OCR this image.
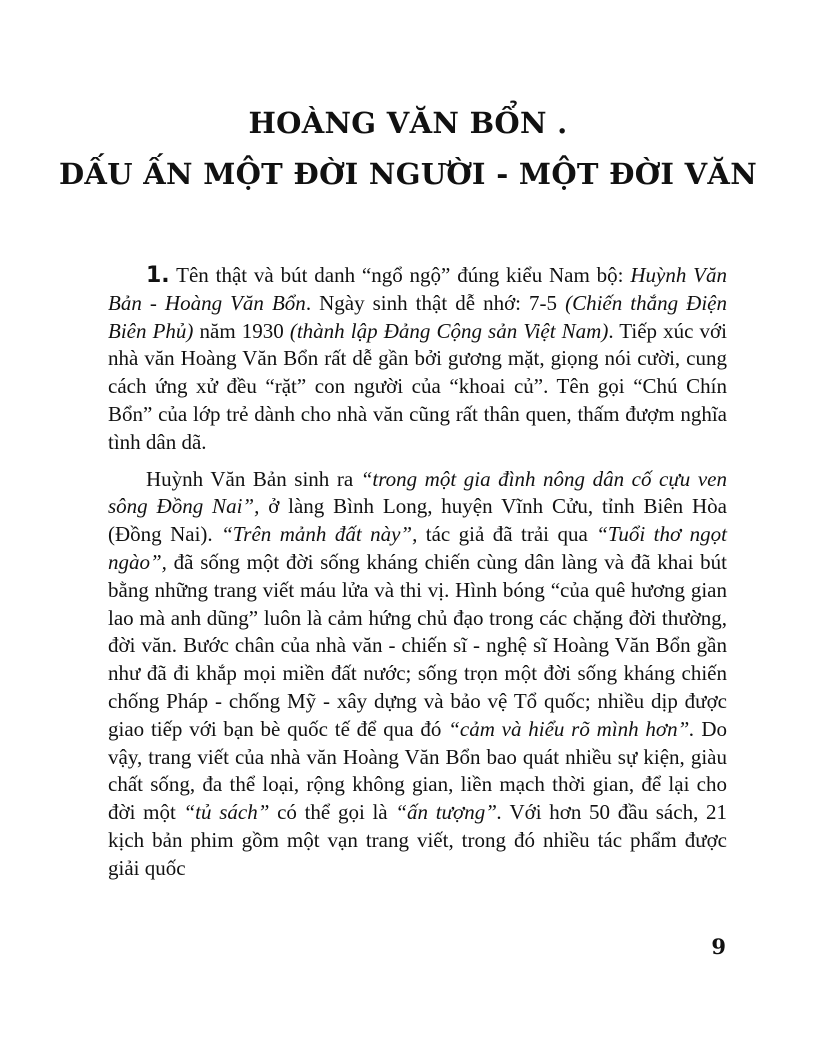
HOÀNG VĂN BỔN .
DẤU ẤN MỘT ĐỜI NGƯỜI - MỘT ĐỜI VĂN

1. Tên thật và bút danh “ngổ ngộ” đúng kiểu Nam bộ: Huỳnh Văn Bản - Hoàng Văn Bổn. Ngày sinh thật dễ nhớ: 7-5 (Chiến thắng Điện Biên Phủ) năm 1930 (thành lập Đảng Cộng sản Việt Nam). Tiếp xúc với nhà văn Hoàng Văn Bổn rất dễ gần bởi gương mặt, giọng nói cười, cung cách ứng xử đều “rặt” con người của “khoai củ”. Tên gọi “Chú Chín Bổn” của lớp trẻ dành cho nhà văn cũng rất thân quen, thấm đượm nghĩa tình dân dã.

Huỳnh Văn Bản sinh ra “trong một gia đình nông dân cố cựu ven sông Đồng Nai”, ở làng Bình Long, huyện Vĩnh Cửu, tỉnh Biên Hòa (Đồng Nai). “Trên mảnh đất này”, tác giả đã trải qua “Tuổi thơ ngọt ngào”, đã sống một đời sống kháng chiến cùng dân làng và đã khai bút bằng những trang viết máu lửa và thi vị. Hình bóng “của quê hương gian lao mà anh dũng” luôn là cảm hứng chủ đạo trong các chặng đời thường, đời văn. Bước chân của nhà văn - chiến sĩ - nghệ sĩ Hoàng Văn Bổn gần như đã đi khắp mọi miền đất nước; sống trọn một đời sống kháng chiến chống Pháp - chống Mỹ - xây dựng và bảo vệ Tổ quốc; nhiều dịp được giao tiếp với bạn bè quốc tế để qua đó “cảm và hiểu rõ mình hơn”. Do vậy, trang viết của nhà văn Hoàng Văn Bổn bao quát nhiều sự kiện, giàu chất sống, đa thể loại, rộng không gian, liền mạch thời gian, để lại cho đời một “tủ sách” có thể gọi là “ấn tượng”. Với hơn 50 đầu sách, 21 kịch bản phim gồm một vạn trang viết, trong đó nhiều tác phẩm được giải quốc

9
